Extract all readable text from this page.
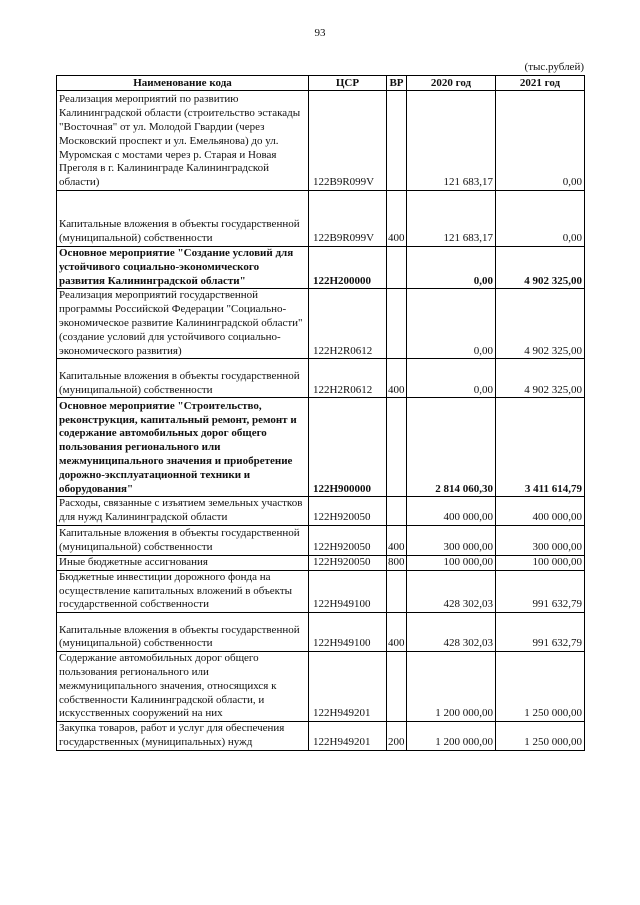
93
(тыс.рублей)
Наименование кода	ЦСР	ВР	2020 год	2021 год
Реализация мероприятий по развитию Калининградской области (строительство эстакады "Восточная" от ул. Молодой Гвардии (через Московский проспект и ул. Емельянова) до ул. Муромская с мостами через р. Старая и Новая Преголя в г. Калининграде Калининградской области)	122В9R099V		121 683,17	0,00
Капитальные вложения в объекты государственной (муниципальной) собственности	122В9R099V	400	121 683,17	0,00
Основное мероприятие "Создание условий для устойчивого социально-экономического развития Калининградской области"	122Н200000		0,00	4 902 325,00
Реализация мероприятий государственной программы Российской Федерации "Социально-экономическое развитие Калининградской области" (создание условий для устойчивого социально-экономического развития)	122Н2R0612		0,00	4 902 325,00
Капитальные вложения в объекты государственной (муниципальной) собственности	122Н2R0612	400	0,00	4 902 325,00
Основное мероприятие "Строительство, реконструкция, капитальный ремонт, ремонт и содержание автомобильных дорог общего пользования регионального или межмуниципального значения и приобретение дорожно-эксплуатационной техники и оборудования"	122Н900000		2 814 060,30	3 411 614,79
Расходы, связанные с изъятием земельных участков для нужд Калининградской области	122Н920050		400 000,00	400 000,00
Капитальные вложения в объекты государственной (муниципальной) собственности	122Н920050	400	300 000,00	300 000,00
Иные бюджетные ассигнования	122Н920050	800	100 000,00	100 000,00
Бюджетные инвестиции дорожного фонда на осуществление капитальных вложений в объекты государственной собственности	122Н949100		428 302,03	991 632,79
Капитальные вложения в объекты государственной (муниципальной) собственности	122Н949100	400	428 302,03	991 632,79
Содержание автомобильных дорог общего пользования регионального или межмуниципального значения, относящихся к собственности Калининградской области, и искусственных сооружений на них	122Н949201		1 200 000,00	1 250 000,00
Закупка товаров, работ и услуг для обеспечения государственных (муниципальных) нужд	122Н949201	200	1 200 000,00	1 250 000,00
